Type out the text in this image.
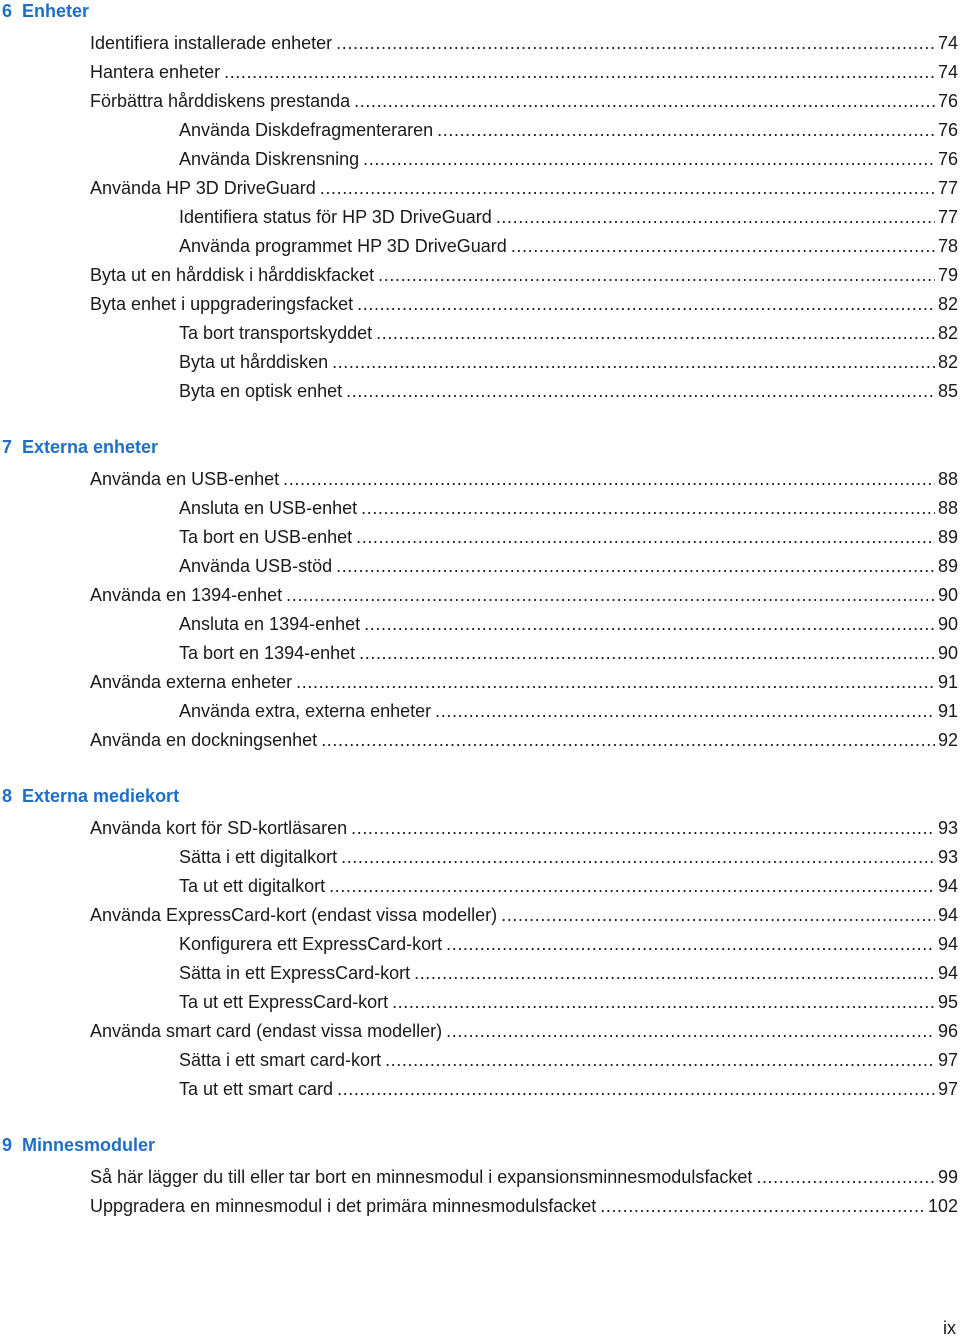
6 Enheter
Identifiera installerade enheter . . .	74
Hantera enheter . . .	74
Förbättra hårddiskens prestanda . . .	76
Använda Diskdefragmenteraren . . .	76
Använda Diskrensning . . .	76
Använda HP 3D DriveGuard . . .	77
Identifiera status för HP 3D DriveGuard . . .	77
Använda programmet HP 3D DriveGuard . . .	78
Byta ut en hårddisk i hårddiskfacket . . .	79
Byta enhet i uppgraderingsfacket . . .	82
Ta bort transportskyddet . . .	82
Byta ut hårddisken . . .	82
Byta en optisk enhet . . .	85
7 Externa enheter
Använda en USB-enhet . . .	88
Ansluta en USB-enhet . . .	88
Ta bort en USB-enhet . . .	89
Använda USB-stöd . . .	89
Använda en 1394-enhet . . .	90
Ansluta en 1394-enhet . . .	90
Ta bort en 1394-enhet . . .	90
Använda externa enheter . . .	91
Använda extra, externa enheter . . .	91
Använda en dockningsenhet . . .	92
8 Externa mediekort
Använda kort för SD-kortläsaren . . .	93
Sätta i ett digitalkort . . .	93
Ta ut ett digitalkort . . .	94
Använda ExpressCard-kort (endast vissa modeller) . . .	94
Konfigurera ett ExpressCard-kort . . .	94
Sätta in ett ExpressCard-kort . . .	94
Ta ut ett ExpressCard-kort . . .	95
Använda smart card (endast vissa modeller) . . .	96
Sätta i ett smart card-kort . . .	97
Ta ut ett smart card . . .	97
9 Minnesmoduler
Så här lägger du till eller tar bort en minnesmodul i expansionsminnesmodulsfacket . . .	99
Uppgradera en minnesmodul i det primära minnesmodulsfacket . . .	102
ix
